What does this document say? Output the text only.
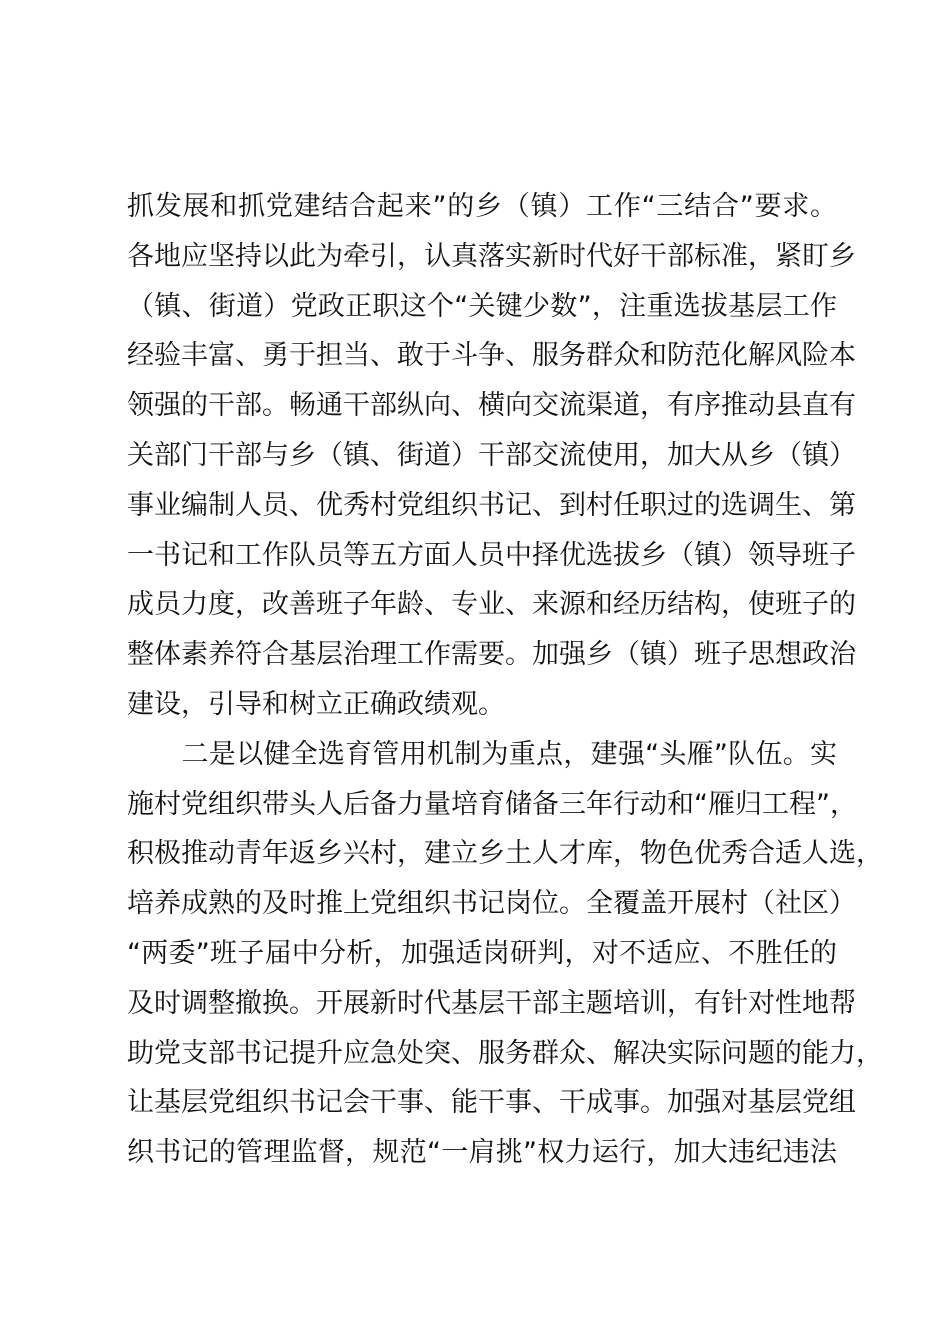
抓发展和抓党建结合起来”的乡（镇）工作“三结合”要求。
各地应坚持以此为牵引，认真落实新时代好干部标准，紧盯乡
（镇、街道）党政正职这个“关键少数”，注重选拔基层工作
经验丰富、勇于担当、敢于斗争、服务群众和防范化解风险本
领强的干部。畅通干部纵向、横向交流渠道，有序推动县直有
关部门干部与乡（镇、街道）干部交流使用，加大从乡（镇）
事业编制人员、优秀村党组织书记、到村任职过的选调生、第
一书记和工作队员等五方面人员中择优选拔乡（镇）领导班子
成员力度，改善班子年龄、专业、来源和经历结构，使班子的
整体素养符合基层治理工作需要。加强乡（镇）班子思想政治
建设，引导和树立正确政绩观。
　　二是以健全选育管用机制为重点，建强“头雁”队伍。实
施村党组织带头人后备力量培育储备三年行动和“雁归工程”，
积极推动青年返乡兴村，建立乡土人才库，物色优秀合适人选，
培养成熟的及时推上党组织书记岗位。全覆盖开展村（社区）
“两委”班子届中分析，加强适岗研判，对不适应、不胜任的
及时调整撤换。开展新时代基层干部主题培训，有针对性地帮
助党支部书记提升应急处突、服务群众、解决实际问题的能力，
让基层党组织书记会干事、能干事、干成事。加强对基层党组
织书记的管理监督，规范“一肩挑”权力运行，加大违纪违法
